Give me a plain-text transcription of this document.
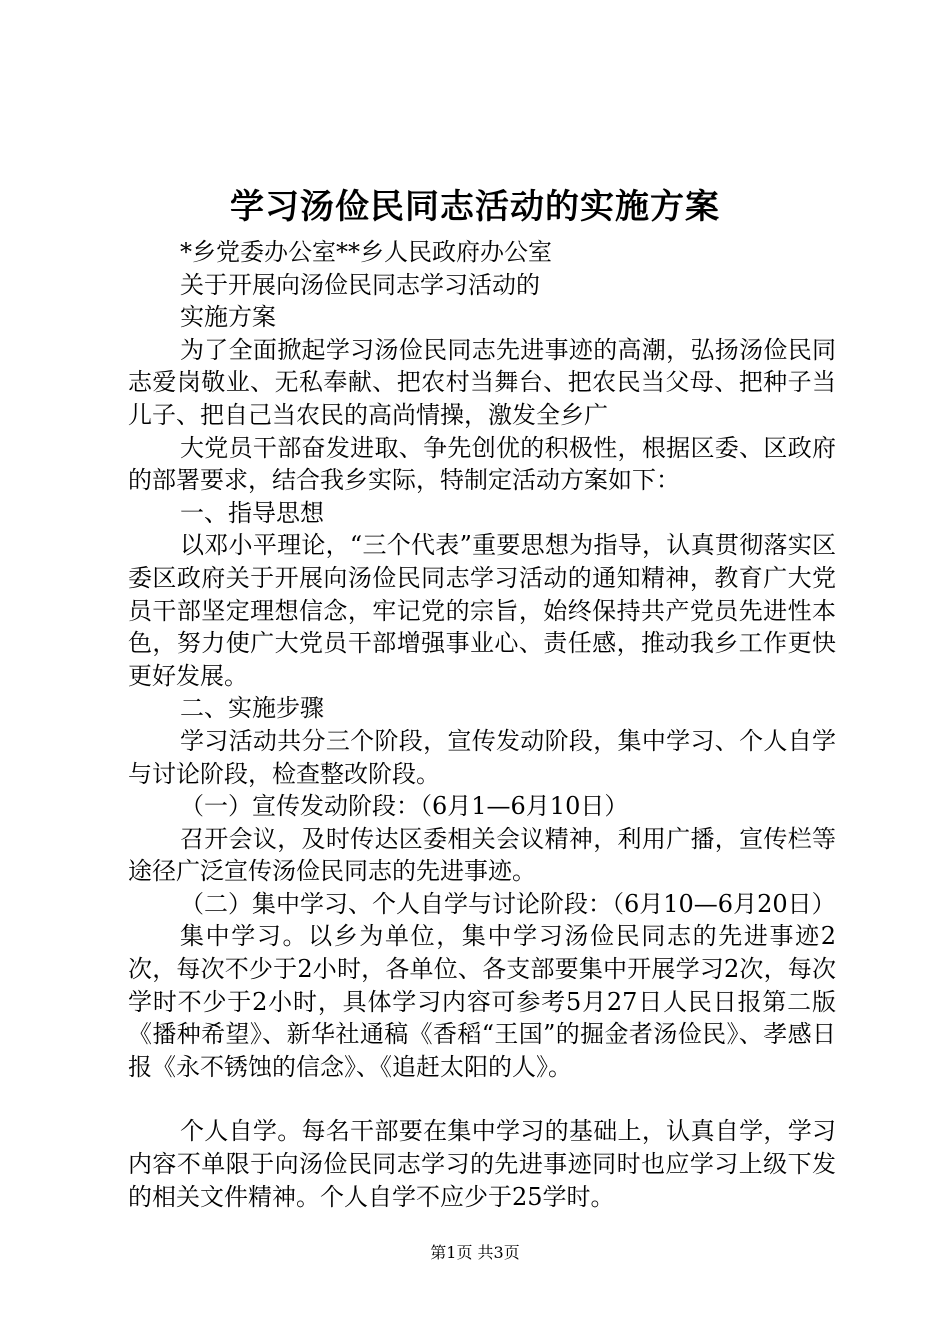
学习汤俭民同志活动的实施方案

*乡党委办公室**乡人民政府办公室

关于开展向汤俭民同志学习活动的

实施方案

为了全面掀起学习汤俭民同志先进事迹的高潮，弘扬汤俭民同志爱岗敬业、无私奉献、把农村当舞台、把农民当父母、把种子当儿子、把自己当农民的高尚情操，激发全乡广

大党员干部奋发进取、争先创优的积极性，根据区委、区政府的部署要求，结合我乡实际，特制定活动方案如下：

一、指导思想

以邓小平理论，“三个代表”重要思想为指导，认真贯彻落实区委区政府关于开展向汤俭民同志学习活动的通知精神，教育广大党员干部坚定理想信念，牢记党的宗旨，始终保持共产党员先进性本色，努力使广大党员干部增强事业心、责任感，推动我乡工作更快更好发展。

二、实施步骤

学习活动共分三个阶段，宣传发动阶段，集中学习、个人自学与讨论阶段，检查整改阶段。

（一）宣传发动阶段：（6月1—6月10日）

召开会议，及时传达区委相关会议精神，利用广播，宣传栏等途径广泛宣传汤俭民同志的先进事迹。

（二）集中学习、个人自学与讨论阶段：（6月10—6月20日）

集中学习。以乡为单位，集中学习汤俭民同志的先进事迹2次，每次不少于2小时，各单位、各支部要集中开展学习2次，每次学时不少于2小时，具体学习内容可参考5月27日人民日报第二版《播种希望》、新华社通稿《香稻“王国”的掘金者汤俭民》、孝感日报《永不锈蚀的信念》、《追赶太阳的人》。

个人自学。每名干部要在集中学习的基础上，认真自学，学习内容不单限于向汤俭民同志学习的先进事迹同时也应学习上级下发的相关文件精神。个人自学不应少于25学时。

第1页 共3页
